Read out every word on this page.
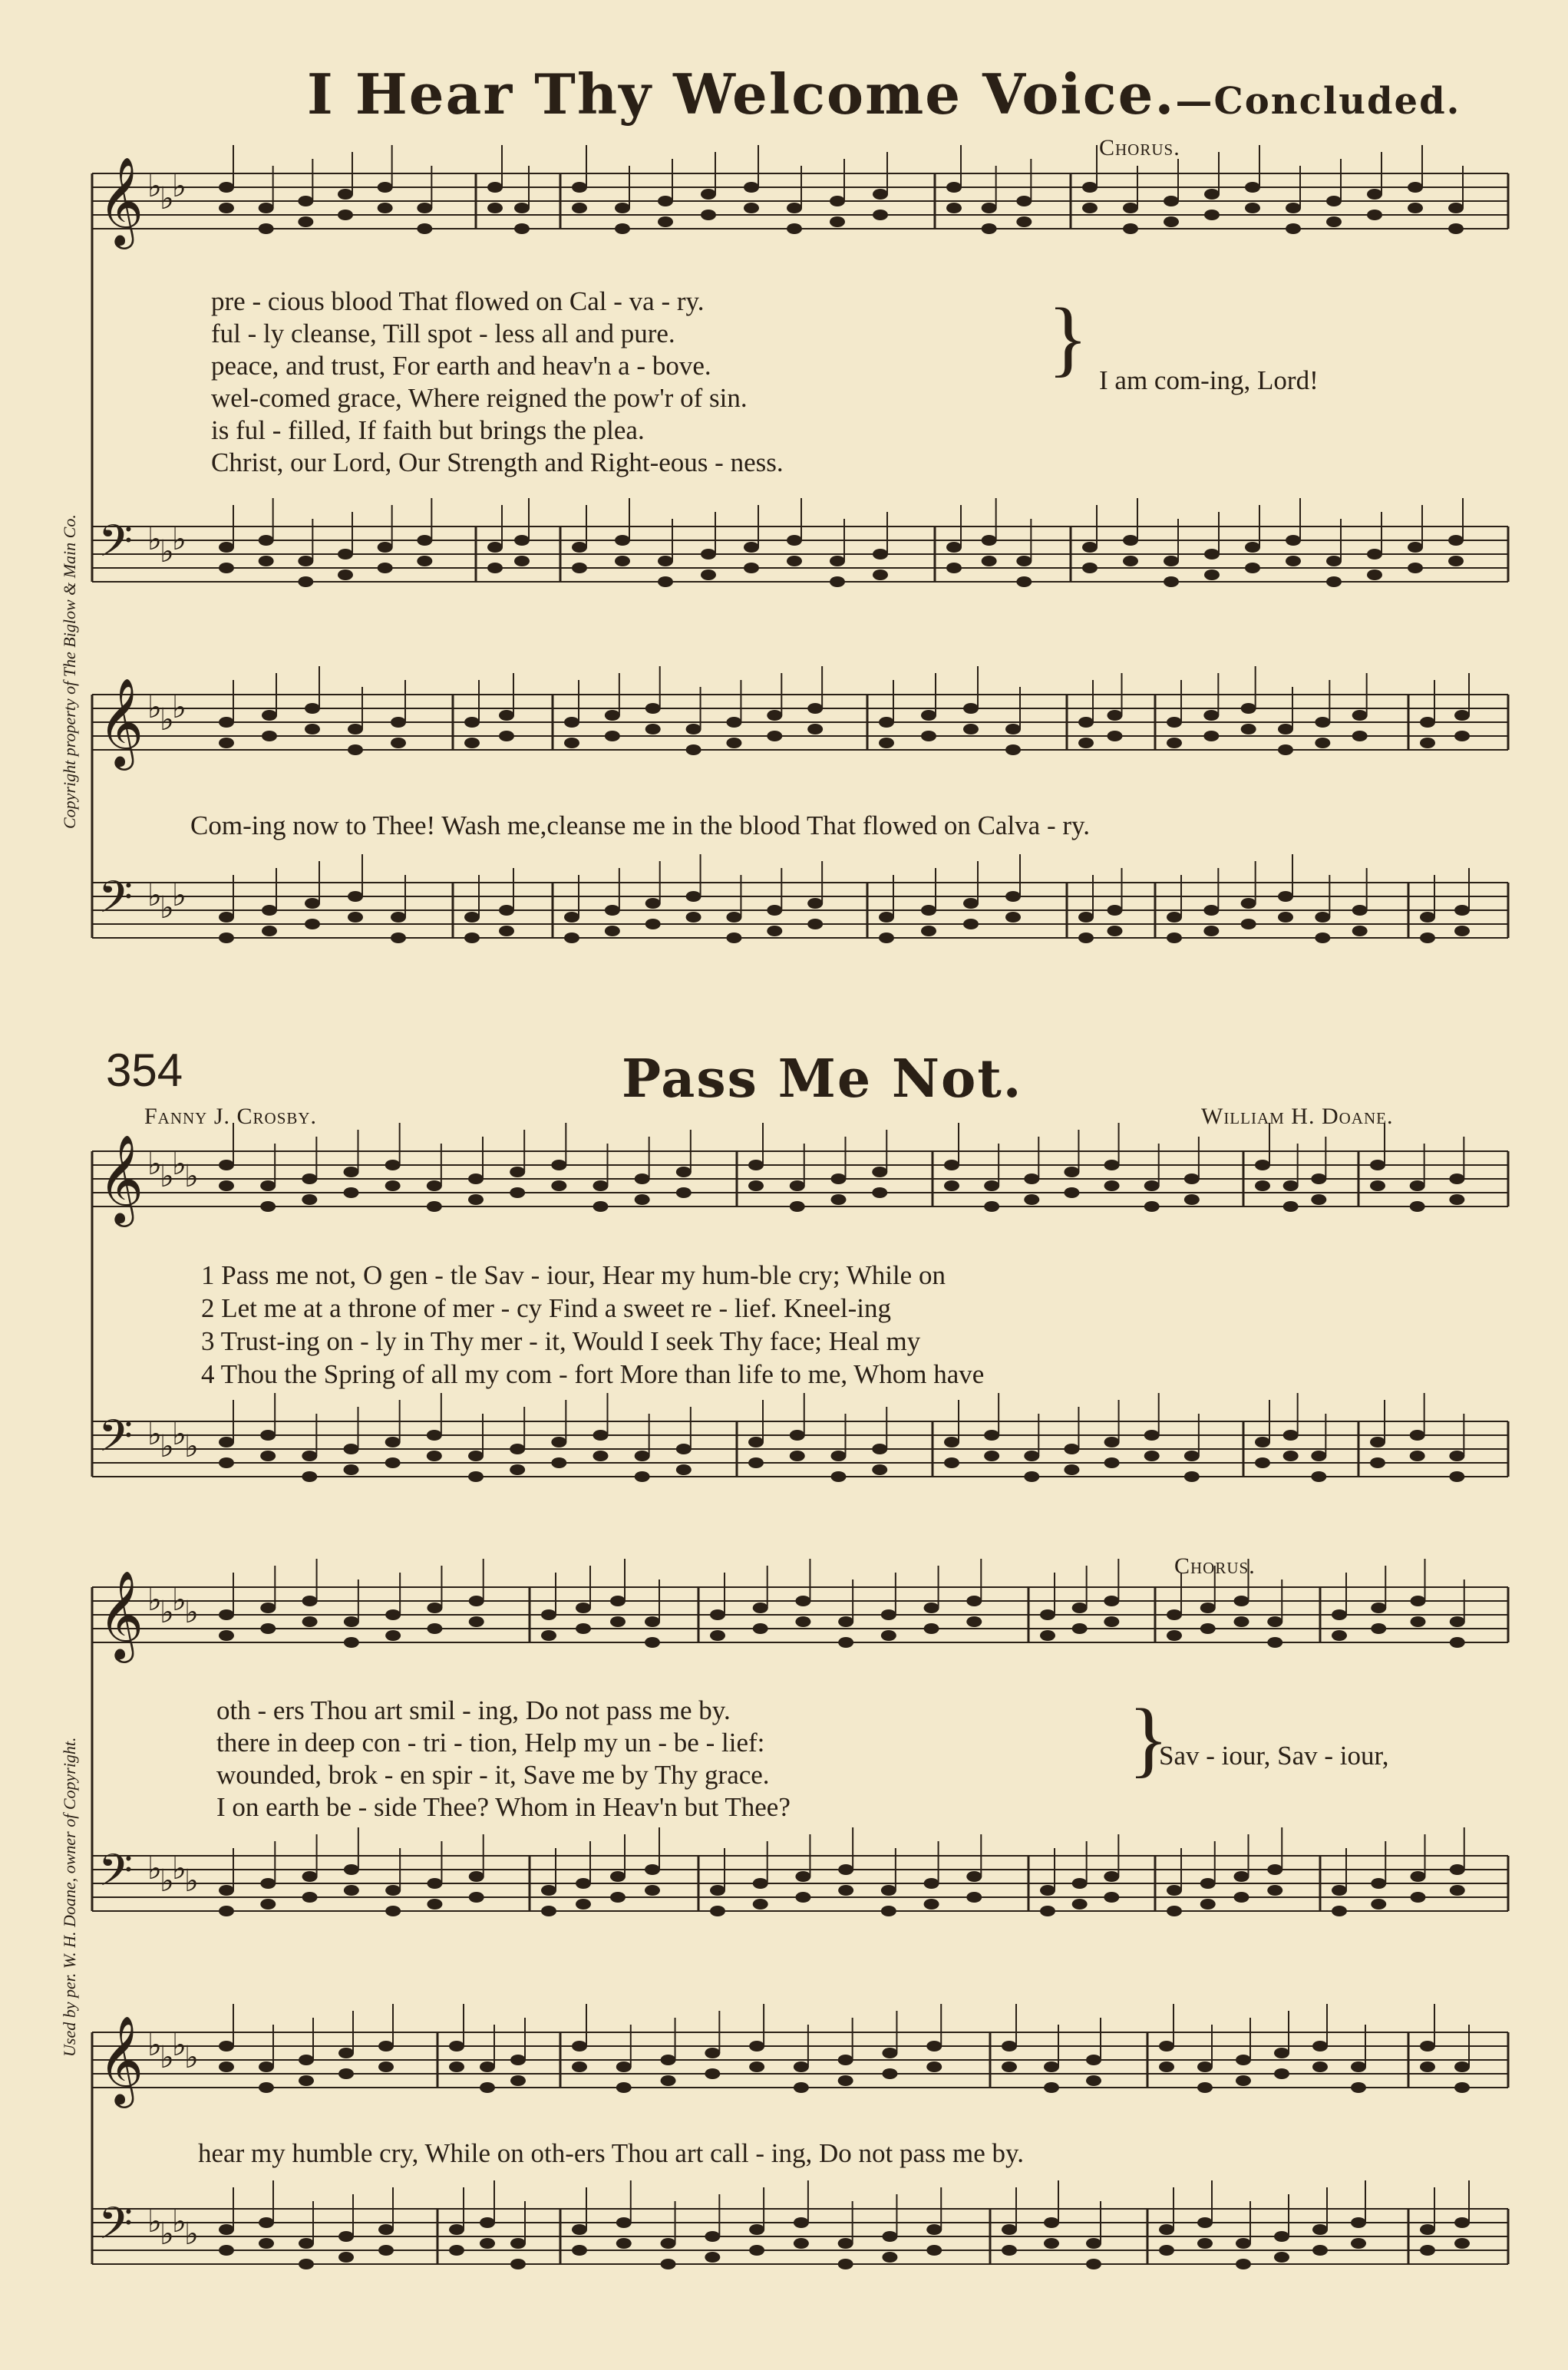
I Hear Thy Welcome Voice.—Concluded.
Chorus.
Copyright property of The Biglow & Main Co.
𝄞 ♭
♭
♭
𝄢 ♭
♭
♭
𝄞 ♭
♭
♭
𝄢 ♭
♭
♭
𝄞 ♭
♭
♭
♭
𝄢 ♭
♭
♭
♭
𝄞 ♭
♭
♭
♭
𝄢 ♭
♭
♭
♭
𝄞 ♭
♭
♭
♭
𝄢 ♭
♭
♭
♭
pre - cious blood That flowed on Cal - va - ry.
ful - ly cleanse, Till spot - less all and pure.
peace, and trust, For earth and heav'n a - bove.
wel-comed grace, Where reigned the pow'r of sin.
is ful - filled, If faith but brings the plea.
Christ, our Lord, Our Strength and Right-eous - ness.
} I am com-ing, Lord!
Com-ing now to Thee! Wash me,cleanse me in the blood That flowed on Calva - ry.
354	Pass Me Not.
Fanny J. Crosby.	William H. Doane.
Used by per. W. H. Doane, owner of Copyright.
1 Pass me not, O gen - tle Sav - iour, Hear my hum-ble cry; While on
2 Let me at a throne of mer - cy Find a sweet re - lief. Kneel-ing
3 Trust-ing on - ly in Thy mer - it, Would I seek Thy face; Heal my
4 Thou the Spring of all my com - fort More than life to me, Whom have
Chorus.
oth - ers Thou art smil - ing, Do not pass me by.
there in deep con - tri - tion, Help my un - be - lief:
wounded, brok - en spir - it, Save me by Thy grace.
I on earth be - side Thee? Whom in Heav'n but Thee?
}
Sav - iour, Sav - iour,
hear my humble cry, While on oth-ers Thou art call - ing, Do not pass me by.
